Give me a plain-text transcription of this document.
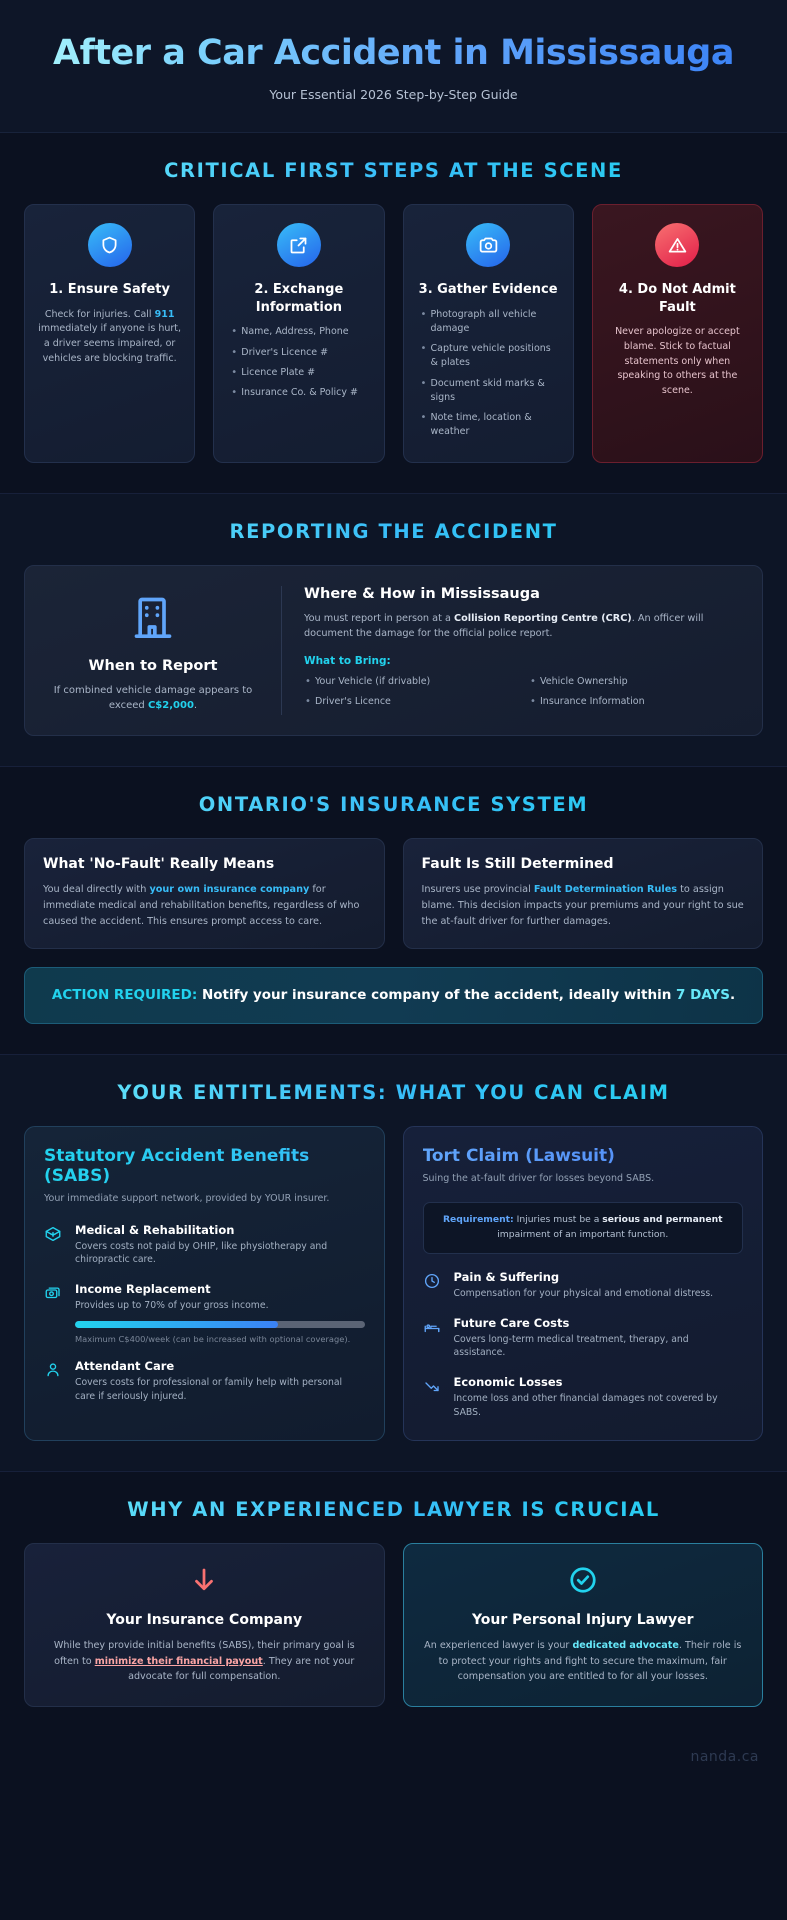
After a Car Accident in Mississauga
Your Essential 2026 Step-by-Step Guide
CRITICAL FIRST STEPS AT THE SCENE
1. Ensure Safety
Check for injuries. Call 911 immediately if anyone is hurt, a driver seems impaired, or vehicles are blocking traffic.
2. Exchange Information
• Name, Address, Phone
• Driver's Licence #
• Licence Plate #
• Insurance Co. & Policy #
3. Gather Evidence
• Photograph all vehicle damage
• Capture vehicle positions & plates
• Document skid marks & signs
• Note time, location & weather
4. Do Not Admit Fault
Never apologize or accept blame. Stick to factual statements only when speaking to others at the scene.
REPORTING THE ACCIDENT
When to Report

If combined vehicle damage appears to exceed C$2,000.

Where & How in Mississauga

You must report in person at a Collision Reporting Centre (CRC). An officer will document the damage for the official police report.

What to Bring:
• Your Vehicle (if drivable)
• Driver's Licence
• Vehicle Ownership
• Insurance Information
ONTARIO'S INSURANCE SYSTEM
What 'No-Fault' Really Means

You deal directly with your own insurance company for immediate medical and rehabilitation benefits, regardless of who caused the accident. This ensures prompt access to care.

Fault Is Still Determined

Insurers use provincial Fault Determination Rules to assign blame. This decision impacts your premiums and your right to sue the at-fault driver for further damages.

ACTION REQUIRED: Notify your insurance company of the accident, ideally within 7 DAYS.
YOUR ENTITLEMENTS: WHAT YOU CAN CLAIM
Statutory Accident Benefits (SABS)
Your immediate support network, provided by YOUR insurer.
Medical & Rehabilitation
Covers costs not paid by OHIP, like physiotherapy and chiropractic care.
Income Replacement
Provides up to 70% of your gross income.
Maximum C$400/week (can be increased with optional coverage).
Attendant Care
Covers costs for professional or family help with personal care if seriously injured.
Tort Claim (Lawsuit)
Suing the at-fault driver for losses beyond SABS.
Requirement: Injuries must be a serious and permanent impairment of an important function.
Pain & Suffering
Compensation for your physical and emotional distress.
Future Care Costs
Covers long-term medical treatment, therapy, and assistance.
Economic Losses
Income loss and other financial damages not covered by SABS.
WHY AN EXPERIENCED LAWYER IS CRUCIAL
Your Insurance Company
While they provide initial benefits (SABS), their primary goal is often to minimize their financial payout. They are not your advocate for full compensation.
Your Personal Injury Lawyer
An experienced lawyer is your dedicated advocate. Their role is to protect your rights and fight to secure the maximum, fair compensation you are entitled to for all your losses.
nanda.ca
